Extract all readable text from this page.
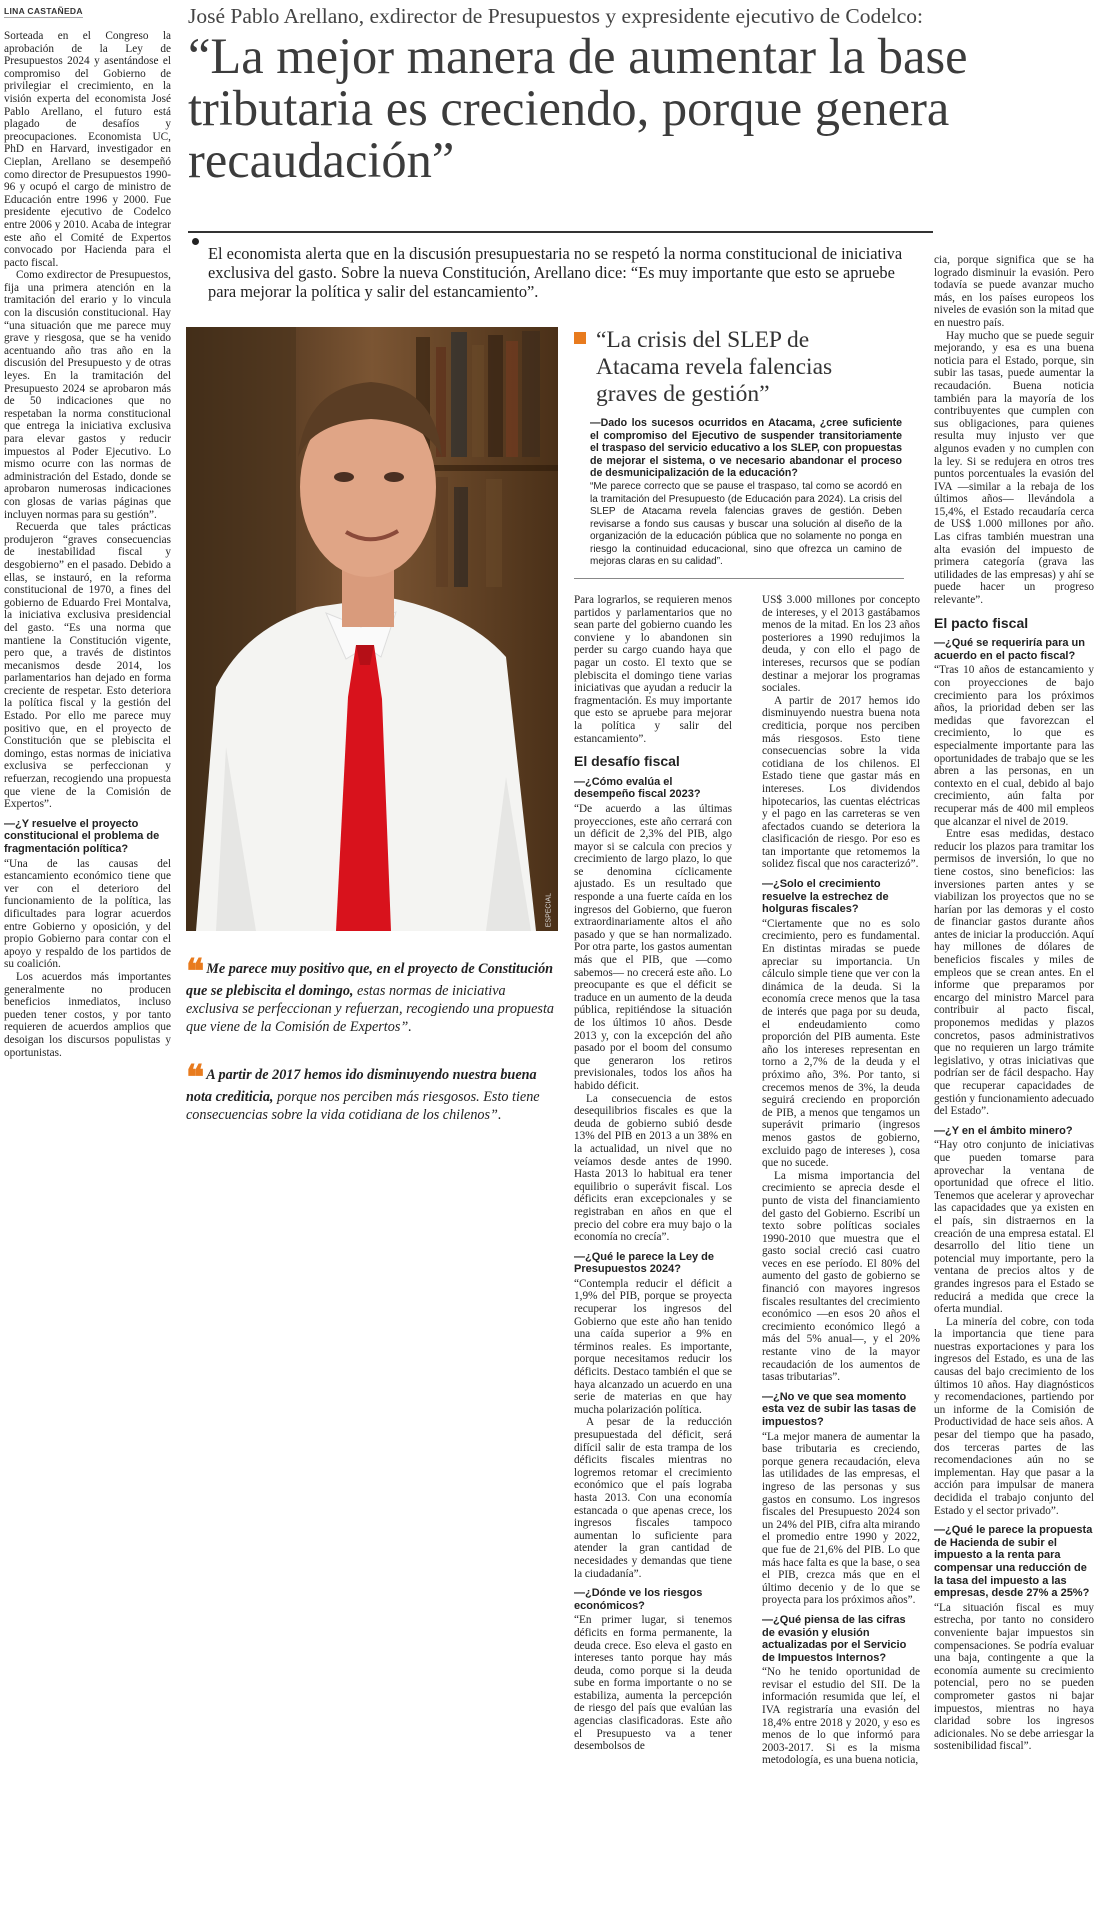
LINA CASTAÑEDA	José Pablo Arellano, exdirector de Presupuestos y expresidente ejecutivo de Codelco:
“La mejor manera de aumentar la base tributaria es creciendo, porque genera recaudación”
El economista alerta que en la discusión presupuestaria no se respetó la norma constitucional de iniciativa exclusiva del gasto. Sobre la nueva Constitución, Arellano dice: “Es muy importante que esto se apruebe para mejorar la política y salir del estancamiento”.

Sorteada en el Congreso la aprobación de la Ley de Presupuestos 2024 y asentándose el compromiso del Gobierno de privilegiar el crecimiento, en la visión experta del economista José Pablo Arellano, el futuro está plagado de desafíos y preocupaciones. Economista UC, PhD en Harvard, investigador en Cieplan, Arellano se desempeñó como director de Presupuestos 1990-96 y ocupó el cargo de ministro de Educación entre 1996 y 2000. Fue presidente ejecutivo de Codelco entre 2006 y 2010. Acaba de integrar este año el Comité de Expertos convocado por Hacienda para el pacto fiscal.

Como exdirector de Presupuestos, fija una primera atención en la tramitación del erario y lo vincula con la discusión constitucional. Hay “una situación que me parece muy grave y riesgosa, que se ha venido acentuando año tras año en la discusión del Presupuesto y de otras leyes. En la tramitación del Presupuesto 2024 se aprobaron más de 50 indicaciones que no respetaban la norma constitucional que entrega la iniciativa exclusiva para elevar gastos y reducir impuestos al Poder Ejecutivo. Lo mismo ocurre con las normas de administración del Estado, donde se aprobaron numerosas indicaciones con glosas de varias páginas que incluyen normas para su gestión”.

Recuerda que tales prácticas produjeron “graves consecuencias de inestabilidad fiscal y desgobierno” en el pasado. Debido a ellas, se instauró, en la reforma constitucional de 1970, a fines del gobierno de Eduardo Frei Montalva, la iniciativa exclusiva presidencial del gasto. “Es una norma que mantiene la Constitución vigente, pero que, a través de distintos mecanismos desde 2014, los parlamentarios han dejado en forma creciente de respetar. Esto deteriora la política fiscal y la gestión del Estado. Por ello me parece muy positivo que, en el proyecto de Constitución que se plebiscita el domingo, estas normas de iniciativa exclusiva se perfeccionan y refuerzan, recogiendo una propuesta que viene de la Comisión de Expertos”.

—¿Y resuelve el proyecto constitucional el problema de fragmentación política?

“Una de las causas del estancamiento económico tiene que ver con el deterioro del funcionamiento de la política, las dificultades para lograr acuerdos entre Gobierno y oposición, y del propio Gobierno para contar con el apoyo y respaldo de los partidos de su coalición.

Los acuerdos más importantes generalmente no producen beneficios inmediatos, incluso pueden tener costos, y por tanto requieren de acuerdos amplios que desoigan los discursos populistas y oportunistas.

ESPECIAL
❝ Me parece muy positivo que, en el proyecto de Constitución que se plebiscita el domingo, estas normas de iniciativa exclusiva se perfeccionan y refuerzan, recogiendo una propuesta que viene de la Comisión de Expertos”.
❝ A partir de 2017 hemos ido disminuyendo nuestra buena nota crediticia, porque nos perciben más riesgosos. Esto tiene consecuencias sobre la vida cotidiana de los chilenos”.
“La crisis del SLEP de Atacama revela falencias graves de gestión”
—Dado los sucesos ocurridos en Atacama, ¿cree suficiente el compromiso del Ejecutivo de suspender transitoriamente el traspaso del servicio educativo a los SLEP, con propuestas de mejorar el sistema, o ve necesario abandonar el proceso de desmunicipalización de la educación?
“Me parece correcto que se pause el traspaso, tal como se acordó en la tramitación del Presupuesto (de Educación para 2024). La crisis del SLEP de Atacama revela falencias graves de gestión. Deben revisarse a fondo sus causas y buscar una solución al diseño de la organización de la educación pública que no solamente no ponga en riesgo la continuidad educacional, sino que ofrezca un camino de mejoras claras en su calidad”.

Para lograrlos, se requieren menos partidos y parlamentarios que no sean parte del gobierno cuando les conviene y lo abandonen sin perder su cargo cuando haya que pagar un costo. El texto que se plebiscita el domingo tiene varias iniciativas que ayudan a reducir la fragmentación. Es muy importante que esto se apruebe para mejorar la política y salir del estancamiento”.

El desafío fiscal

—¿Cómo evalúa el desempeño fiscal 2023?

“De acuerdo a las últimas proyecciones, este año cerrará con un déficit de 2,3% del PIB, algo mayor si se calcula con precios y crecimiento de largo plazo, lo que se denomina cíclicamente ajustado. Es un resultado que responde a una fuerte caída en los ingresos del Gobierno, que fueron extraordinariamente altos el año pasado y que se han normalizado. Por otra parte, los gastos aumentan más que el PIB, que —como sabemos— no crecerá este año. Lo preocupante es que el déficit se traduce en un aumento de la deuda pública, repitiéndose la situación de los últimos 10 años. Desde 2013 y, con la excepción del año pasado por el boom del consumo que generaron los retiros previsionales, todos los años ha habido déficit.

La consecuencia de estos desequilibrios fiscales es que la deuda de gobierno subió desde 13% del PIB en 2013 a un 38% en la actualidad, un nivel que no veíamos desde antes de 1990. Hasta 2013 lo habitual era tener equilibrio o superávit fiscal. Los déficits eran excepcionales y se registraban en años en que el precio del cobre era muy bajo o la economía no crecía”.

—¿Qué le parece la Ley de Presupuestos 2024?

“Contempla reducir el déficit a 1,9% del PIB, porque se proyecta recuperar los ingresos del Gobierno que este año han tenido una caída superior a 9% en términos reales. Es importante, porque necesitamos reducir los déficits. Destaco también el que se haya alcanzado un acuerdo en una serie de materias en que hay mucha polarización política.

A pesar de la reducción presupuestada del déficit, será difícil salir de esta trampa de los déficits fiscales mientras no logremos retomar el crecimiento económico que el país lograba hasta 2013. Con una economía estancada o que apenas crece, los ingresos fiscales tampoco aumentan lo suficiente para atender la gran cantidad de necesidades y demandas que tiene la ciudadanía”.

—¿Dónde ve los riesgos económicos?

“En primer lugar, si tenemos déficits en forma permanente, la deuda crece. Eso eleva el gasto en intereses tanto porque hay más deuda, como porque si la deuda sube en forma importante o no se estabiliza, aumenta la percepción de riesgo del país que evalúan las agencias clasificadoras. Este año el Presupuesto va a tener desembolsos de

US$ 3.000 millones por concepto de intereses, y el 2013 gastábamos menos de la mitad. En los 23 años posteriores a 1990 redujimos la deuda, y con ello el pago de intereses, recursos que se podían destinar a mejorar los programas sociales.

A partir de 2017 hemos ido disminuyendo nuestra buena nota crediticia, porque nos perciben más riesgosos. Esto tiene consecuencias sobre la vida cotidiana de los chilenos. El Estado tiene que gastar más en intereses. Los dividendos hipotecarios, las cuentas eléctricas y el pago en las carreteras se ven afectados cuando se deteriora la clasificación de riesgo. Por eso es tan importante que retomemos la solidez fiscal que nos caracterizó”.

—¿Solo el crecimiento resuelve la estrechez de holguras fiscales?

“Ciertamente que no es solo crecimiento, pero es fundamental. En distintas miradas se puede apreciar su importancia. Un cálculo simple tiene que ver con la dinámica de la deuda. Si la economía crece menos que la tasa de interés que paga por su deuda, el endeudamiento como proporción del PIB aumenta. Este año los intereses representan en torno a 2,7% de la deuda y el próximo año, 3%. Por tanto, si crecemos menos de 3%, la deuda seguirá creciendo en proporción de PIB, a menos que tengamos un superávit primario (ingresos menos gastos de gobierno, excluido pago de intereses ), cosa que no sucede.

La misma importancia del crecimiento se aprecia desde el punto de vista del financiamiento del gasto del Gobierno. Escribí un texto sobre políticas sociales 1990-2010 que muestra que el gasto social creció casi cuatro veces en ese período. El 80% del aumento del gasto de gobierno se financió con mayores ingresos fiscales resultantes del crecimiento económico —en esos 20 años el crecimiento económico llegó a más del 5% anual—, y el 20% restante vino de la mayor recaudación de los aumentos de tasas tributarias”.

—¿No ve que sea momento esta vez de subir las tasas de impuestos?

“La mejor manera de aumentar la base tributaria es creciendo, porque genera recaudación, eleva las utilidades de las empresas, el ingreso de las personas y sus gastos en consumo. Los ingresos fiscales del Presupuesto 2024 son un 24% del PIB, cifra alta mirando el promedio entre 1990 y 2022, que fue de 21,6% del PIB. Lo que más hace falta es que la base, o sea el PIB, crezca más que en el último decenio y de lo que se proyecta para los próximos años”.

—¿Qué piensa de las cifras de evasión y elusión actualizadas por el Servicio de Impuestos Internos?

“No he tenido oportunidad de revisar el estudio del SII. De la información resumida que leí, el IVA registraría una evasión del 18,4% entre 2018 y 2020, y eso es menos de lo que informó para 2003-2017. Si es la misma metodología, es una buena noticia,

cia, porque significa que se ha logrado disminuir la evasión. Pero todavía se puede avanzar mucho más, en los países europeos los niveles de evasión son la mitad que en nuestro país.

Hay mucho que se puede seguir mejorando, y esa es una buena noticia para el Estado, porque, sin subir las tasas, puede aumentar la recaudación. Buena noticia también para la mayoría de los contribuyentes que cumplen con sus obligaciones, para quienes resulta muy injusto ver que algunos evaden y no cumplen con la ley. Si se redujera en otros tres puntos porcentuales la evasión del IVA —similar a la rebaja de los últimos años— llevándola a 15,4%, el Estado recaudaría cerca de US$ 1.000 millones por año. Las cifras también muestran una alta evasión del impuesto de primera categoría (grava las utilidades de las empresas) y ahí se puede hacer un progreso relevante”.

El pacto fiscal

—¿Qué se requeriría para un acuerdo en el pacto fiscal?

“Tras 10 años de estancamiento y con proyecciones de bajo crecimiento para los próximos años, la prioridad deben ser las medidas que favorezcan el crecimiento, lo que es especialmente importante para las oportunidades de trabajo que se les abren a las personas, en un contexto en el cual, debido al bajo crecimiento, aún falta por recuperar más de 400 mil empleos que alcanzar el nivel de 2019.

Entre esas medidas, destaco reducir los plazos para tramitar los permisos de inversión, lo que no tiene costos, sino beneficios: las inversiones parten antes y se viabilizan los proyectos que no se harían por las demoras y el costo de financiar gastos durante años antes de iniciar la producción. Aquí hay millones de dólares de beneficios fiscales y miles de empleos que se crean antes. En el informe que preparamos por encargo del ministro Marcel para contribuir al pacto fiscal, proponemos medidas y plazos concretos, pasos administrativos que no requieren un largo trámite legislativo, y otras iniciativas que podrían ser de fácil despacho. Hay que recuperar capacidades de gestión y funcionamiento adecuado del Estado”.

—¿Y en el ámbito minero?

“Hay otro conjunto de iniciativas que pueden tomarse para aprovechar la ventana de oportunidad que ofrece el litio. Tenemos que acelerar y aprovechar las capacidades que ya existen en el país, sin distraernos en la creación de una empresa estatal. El desarrollo del litio tiene un potencial muy importante, pero la ventana de precios altos y de grandes ingresos para el Estado se reducirá a medida que crece la oferta mundial.

La minería del cobre, con toda la importancia que tiene para nuestras exportaciones y para los ingresos del Estado, es una de las causas del bajo crecimiento de los últimos 10 años. Hay diagnósticos y recomendaciones, partiendo por un informe de la Comisión de Productividad de hace seis años. A pesar del tiempo que ha pasado, dos terceras partes de las recomendaciones aún no se implementan. Hay que pasar a la acción para impulsar de manera decidida el trabajo conjunto del Estado y el sector privado”.

—¿Qué le parece la propuesta de Hacienda de subir el impuesto a la renta para compensar una reducción de la tasa del impuesto a las empresas, desde 27% a 25%?

“La situación fiscal es muy estrecha, por tanto no considero conveniente bajar impuestos sin compensaciones. Se podría evaluar una baja, contingente a que la economía aumente su crecimiento potencial, pero no se pueden comprometer gastos ni bajar impuestos, mientras no haya claridad sobre los ingresos adicionales. No se debe arriesgar la sostenibilidad fiscal”.
